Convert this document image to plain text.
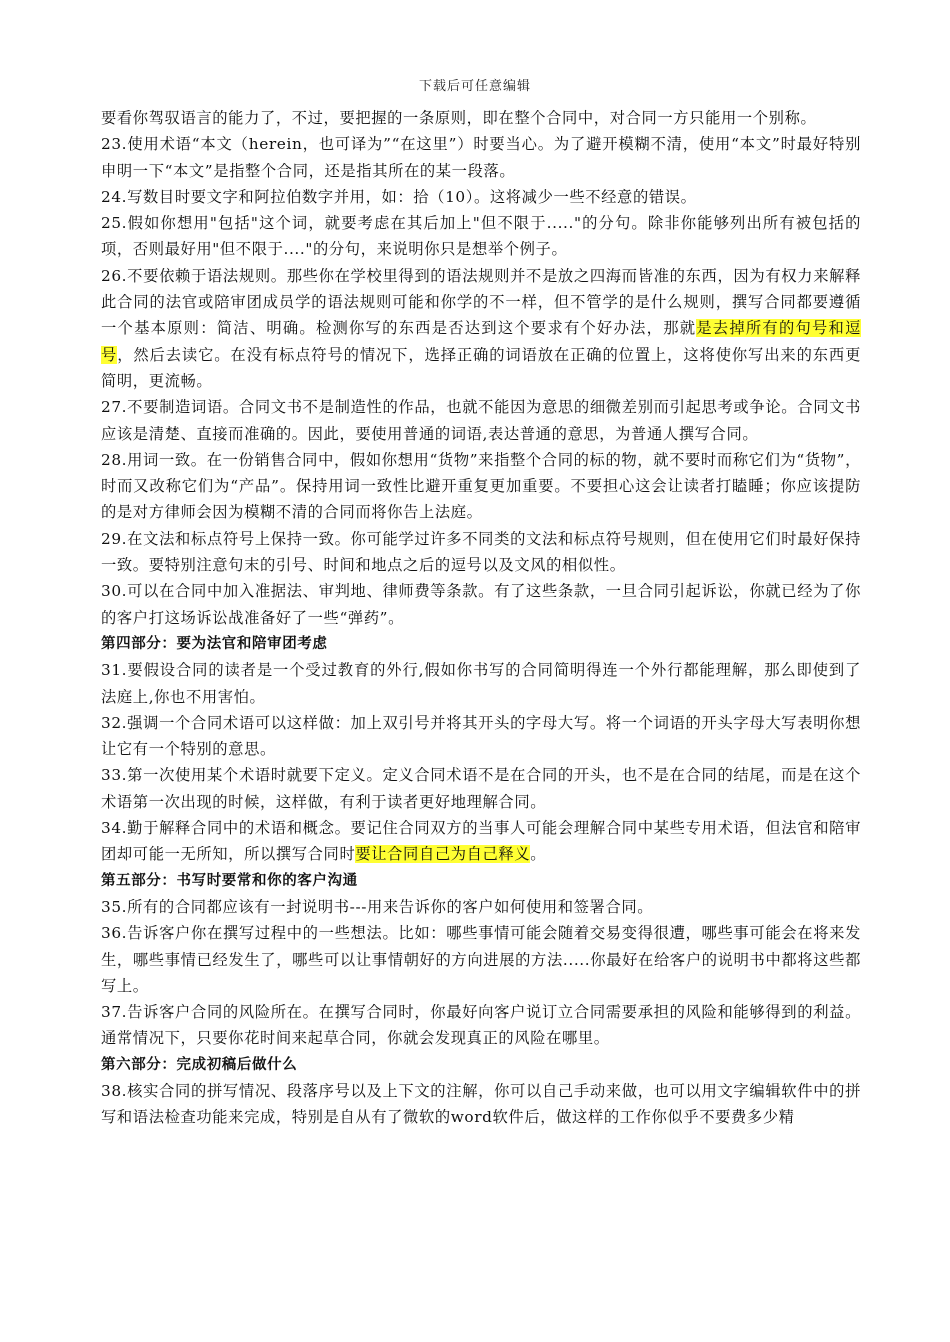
下载后可任意编辑

要看你驾驭语言的能力了，不过，要把握的一条原则，即在整个合同中，对合同一方只能用一个别称。

23.使用术语“本文（herein，也可译为”“在这里”）时要当心。为了避开模糊不清，使用“本文”时最好特别申明一下“本文”是指整个合同，还是指其所在的某一段落。

24.写数目时要文字和阿拉伯数字并用，如：拾（10）。这将减少一些不经意的错误。

25.假如你想用"包括"这个词，就要考虑在其后加上"但不限于....."的分句。除非你能够列出所有被包括的项，否则最好用"但不限于...."的分句，来说明你只是想举个例子。

26.不要依赖于语法规则。那些你在学校里得到的语法规则并不是放之四海而皆准的东西，因为有权力来解释此合同的法官或陪审团成员学的语法规则可能和你学的不一样，但不管学的是什么规则，撰写合同都要遵循一个基本原则：简洁、明确。检测你写的东西是否达到这个要求有个好办法，那就是去掉所有的句号和逗号，然后去读它。在没有标点符号的情况下，选择正确的词语放在正确的位置上，这将使你写出来的东西更简明，更流畅。

27.不要制造词语。合同文书不是制造性的作品，也就不能因为意思的细微差别而引起思考或争论。合同文书应该是清楚、直接而准确的。因此，要使用普通的词语,表达普通的意思，为普通人撰写合同。

28.用词一致。在一份销售合同中，假如你想用“货物”来指整个合同的标的物，就不要时而称它们为“货物”，时而又改称它们为“产品”。保持用词一致性比避开重复更加重要。不要担心这会让读者打瞌睡；你应该提防的是对方律师会因为模糊不清的合同而将你告上法庭。

29.在文法和标点符号上保持一致。你可能学过许多不同类的文法和标点符号规则，但在使用它们时最好保持一致。要特别注意句末的引号、时间和地点之后的逗号以及文风的相似性。

30.可以在合同中加入准据法、审判地、律师费等条款。有了这些条款，一旦合同引起诉讼，你就已经为了你的客户打这场诉讼战准备好了一些“弹药”。

第四部分：要为法官和陪审团考虑

31.要假设合同的读者是一个受过教育的外行,假如你书写的合同简明得连一个外行都能理解，那么即使到了法庭上,你也不用害怕。

32.强调一个合同术语可以这样做：加上双引号并将其开头的字母大写。将一个词语的开头字母大写表明你想让它有一个特别的意思。

33.第一次使用某个术语时就要下定义。定义合同术语不是在合同的开头，也不是在合同的结尾，而是在这个术语第一次出现的时候，这样做，有利于读者更好地理解合同。

34.勤于解释合同中的术语和概念。要记住合同双方的当事人可能会理解合同中某些专用术语，但法官和陪审团却可能一无所知，所以撰写合同时要让合同自己为自己释义。

第五部分：书写时要常和你的客户沟通

35.所有的合同都应该有一封说明书---用来告诉你的客户如何使用和签署合同。

36.告诉客户你在撰写过程中的一些想法。比如：哪些事情可能会随着交易变得很遭，哪些事可能会在将来发生，哪些事情已经发生了，哪些可以让事情朝好的方向进展的方法.....你最好在给客户的说明书中都将这些都写上。

37.告诉客户合同的风险所在。在撰写合同时，你最好向客户说订立合同需要承担的风险和能够得到的利益。通常情况下，只要你花时间来起草合同，你就会发现真正的风险在哪里。

第六部分：完成初稿后做什么

38.核实合同的拼写情况、段落序号以及上下文的注解，你可以自己手动来做，也可以用文字编辑软件中的拼写和语法检查功能来完成，特别是自从有了微软的word软件后，做这样的工作你似乎不要费多少精
